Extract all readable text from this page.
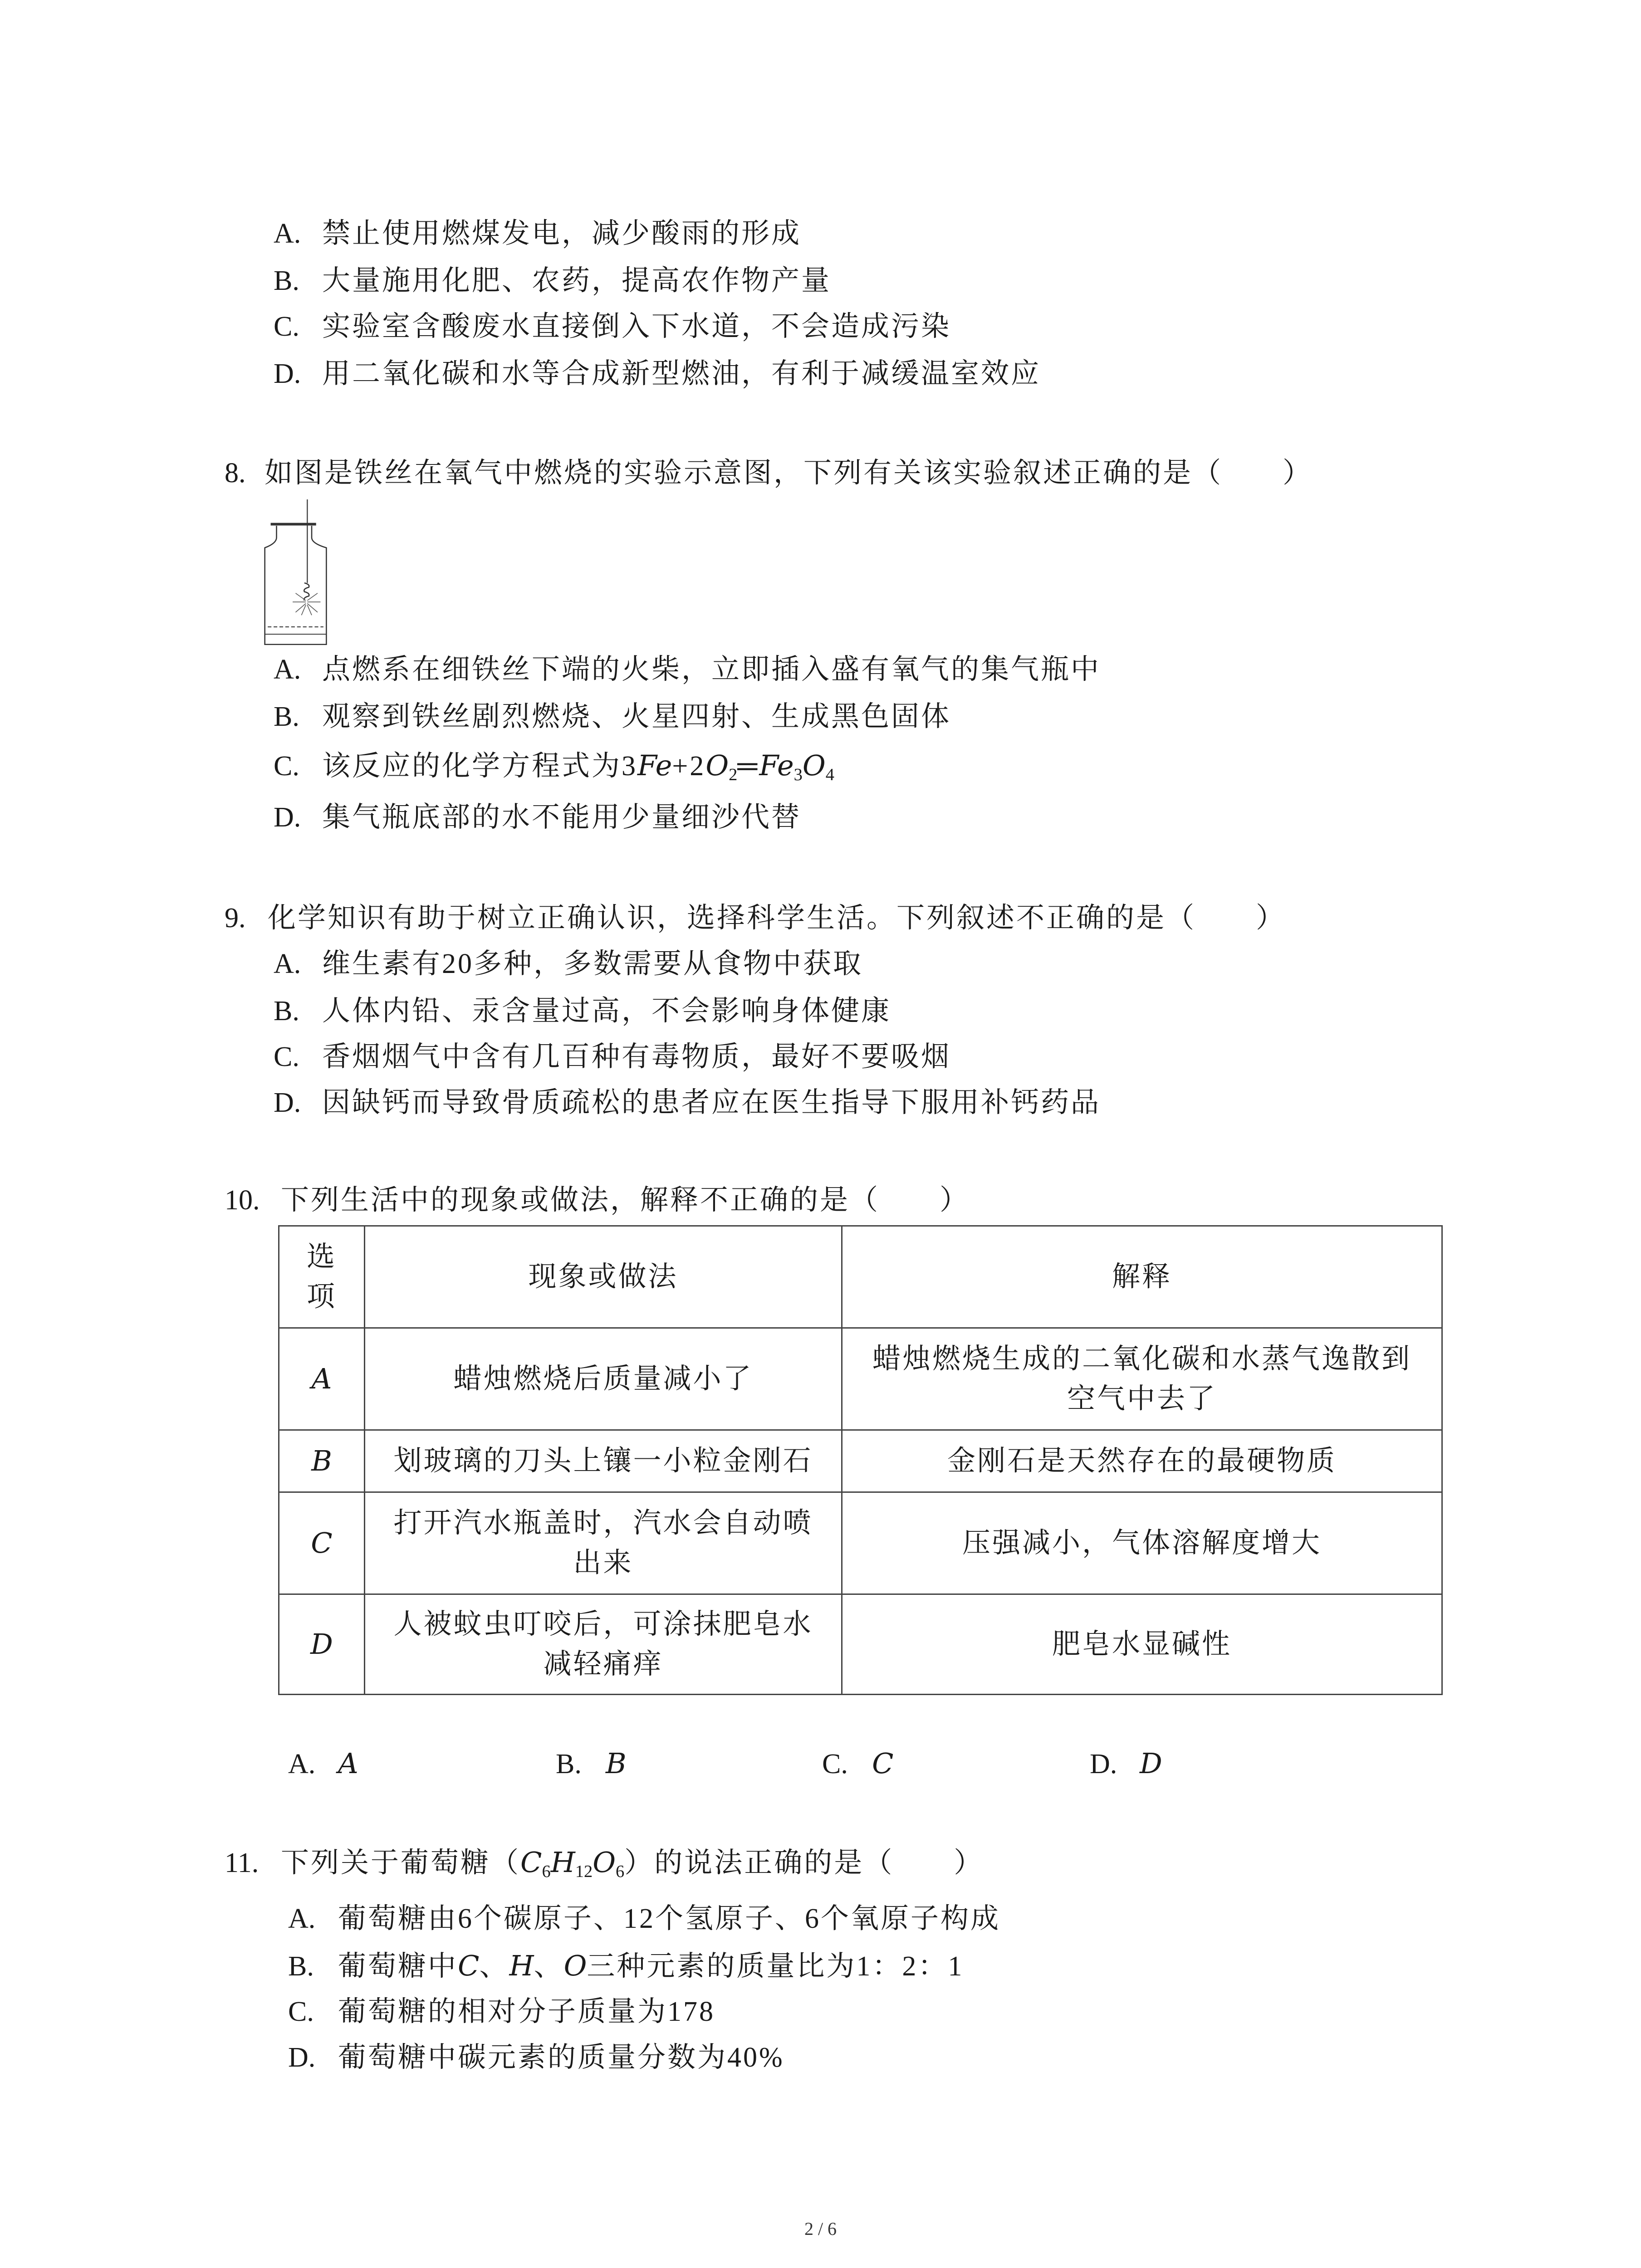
A. 禁止使用燃煤发电，减少酸雨的形成
B. 大量施用化肥、农药，提高农作物产量
C. 实验室含酸废水直接倒入下水道，不会造成污染
D. 用二氧化碳和水等合成新型燃油，有利于减缓温室效应
8. 如图是铁丝在氧气中燃烧的实验示意图，下列有关该实验叙述正确的是（　　）
A. 点燃系在细铁丝下端的火柴，立即插入盛有氧气的集气瓶中
B. 观察到铁丝剧烈燃烧、火星四射、生成黑色固体
C. 该反应的化学方程式为$3Fe+2O_2═Fe_3O_4$
D. 集气瓶底部的水不能用少量细沙代替
9. 化学知识有助于树立正确认识，选择科学生活。下列叙述不正确的是（　　）
A. 维生素有20多种，多数需要从食物中获取
B. 人体内铅、汞含量过高，不会影响身体健康
C. 香烟烟气中含有几百种有毒物质，最好不要吸烟
D. 因缺钙而导致骨质疏松的患者应在医生指导下服用补钙药品
10. 下列生活中的现象或做法，解释不正确的是（　　）
选项	现象或做法	解释

A	蜡烛燃烧后质量减小了	蜡烛燃烧生成的二氧化碳和水蒸气逸散到空气中去了

B	划玻璃的刀头上镶一小粒金刚石	金刚石是天然存在的最硬物质

C	打开汽水瓶盖时，汽水会自动喷出来	压强减小，气体溶解度增大

D	人被蚊虫叮咬后，可涂抹肥皂水减轻痛痒	肥皂水显碱性
A. A	B. B	C. C	D. D
11. 下列关于葡萄糖$(C_6H_{12}O_6)$的说法正确的是（　　）
A. 葡萄糖由6个碳原子、12个氢原子、6个氧原子构成
B. 葡萄糖中C、H、O三种元素的质量比为1：2：1
C. 葡萄糖的相对分子质量为178
D. 葡萄糖中碳元素的质量分数为40%
2 / 6
